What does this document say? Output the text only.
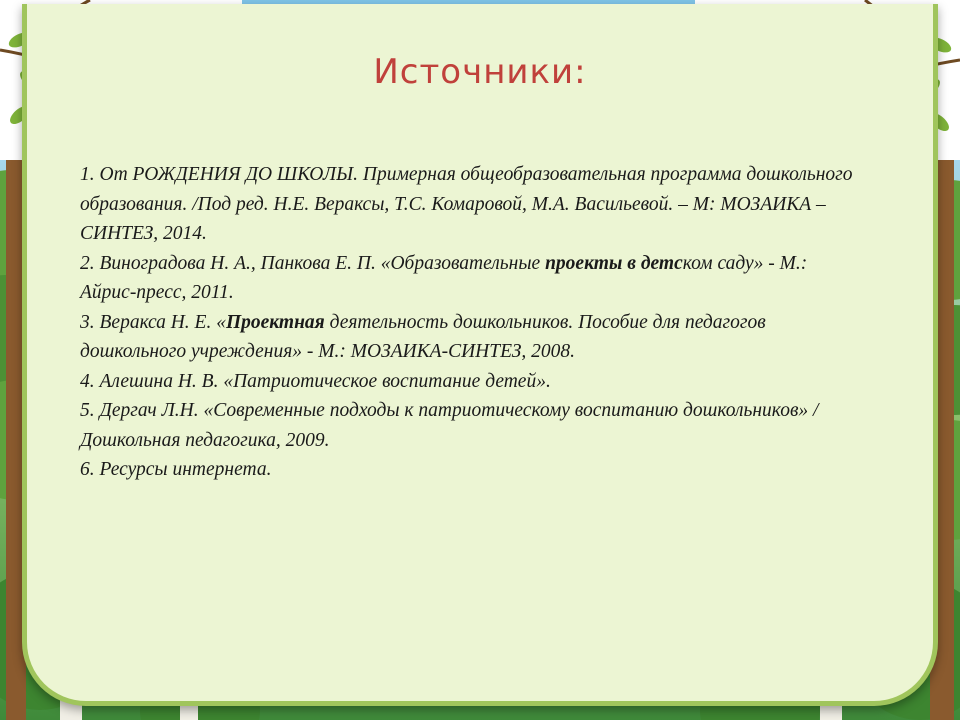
Источники:
1. От РОЖДЕНИЯ ДО ШКОЛЫ. Примерная общеобразовательная программа дошкольного образования. /Под ред. Н.Е. Вераксы, Т.С. Комаровой, М.А. Васильевой. – М: МОЗАИКА – СИНТЕЗ, 2014.
2. Виноградова Н. А., Панкова Е. П. «Образовательные проекты в детском саду» - М.: Айрис-пресс, 2011.
3. Веракса Н. Е. «Проектная деятельность дошкольников. Пособие для педагогов дошкольного учреждения» - М.: МОЗАИКА-СИНТЕЗ, 2008.
4. Алешина Н. В. «Патриотическое воспитание детей».
5. Дергач Л.Н. «Современные подходы к патриотическому воспитанию дошкольников» /Дошкольная педагогика, 2009.
6. Ресурсы интернета.
